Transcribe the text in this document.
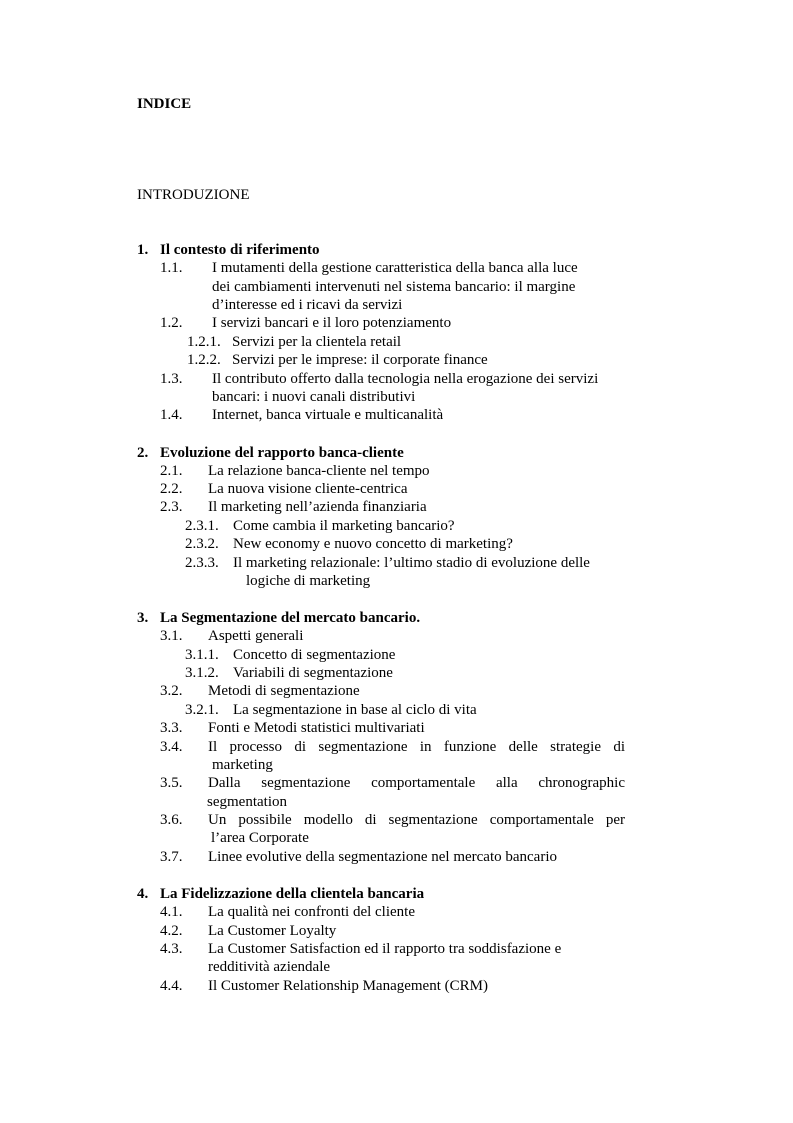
INDICE
INTRODUZIONE
1. Il contesto di riferimento
1.1. I mutamenti della gestione caratteristica della banca alla luce
dei cambiamenti intervenuti nel sistema bancario: il margine
d’interesse ed i ricavi da servizi
1.2. I servizi bancari e il loro potenziamento
1.2.1. Servizi per la clientela retail
1.2.2. Servizi per le imprese: il corporate finance
1.3. Il contributo offerto dalla tecnologia nella erogazione dei servizi
bancari: i nuovi canali distributivi
1.4. Internet, banca virtuale e multicanalità
2. Evoluzione del rapporto banca-cliente
2.1. La relazione banca-cliente nel tempo
2.2. La nuova visione cliente-centrica
2.3. Il marketing nell’azienda finanziaria
2.3.1. Come cambia il marketing bancario?
2.3.2. New economy e nuovo concetto di marketing?
2.3.3. Il marketing relazionale: l’ultimo stadio di evoluzione delle
logiche di marketing
3. La Segmentazione del mercato bancario.
3.1. Aspetti generali
3.1.1. Concetto di segmentazione
3.1.2. Variabili di segmentazione
3.2. Metodi di segmentazione
3.2.1. La segmentazione in base al ciclo di vita
3.3. Fonti e Metodi statistici multivariati
3.4. Il processo di segmentazione in funzione delle strategie di
marketing
3.5. Dalla segmentazione comportamentale alla chronographic
segmentation
3.6. Un possibile modello di segmentazione comportamentale per
l’area Corporate
3.7. Linee evolutive della segmentazione nel mercato bancario
4. La Fidelizzazione della clientela bancaria
4.1. La qualità nei confronti del cliente
4.2. La Customer Loyalty
4.3. La Customer Satisfaction ed il rapporto tra soddisfazione e
redditività aziendale
4.4. Il Customer Relationship Management (CRM)
